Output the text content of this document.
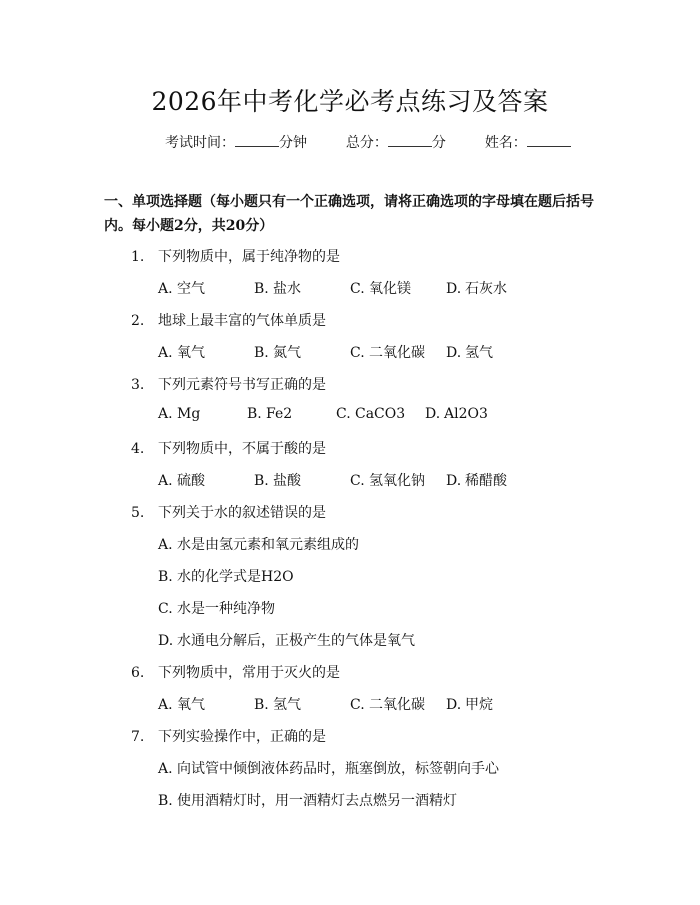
2026年中考化学必考点练习及答案
考试时间：	分钟	总分：	分	姓名：
一、单项选择题（每小题只有一个正确选项，请将正确选项的字母填在题后括号内。每小题2分，共20分）
1. 下列物质中，属于纯净物的是
A. 空气	B. 盐水	C. 氧化镁	D. 石灰水
2. 地球上最丰富的气体单质是
A. 氧气	B. 氮气	C. 二氧化碳 D. 氢气
3. 下列元素符号书写正确的是
A. Mg	B. Fe2	C. CaCO3 D. Al2O3
4. 下列物质中，不属于酸的是
A. 硫酸	B. 盐酸	C. 氢氧化钠 D. 稀醋酸
5. 下列关于水的叙述错误的是
A. 水是由氢元素和氧元素组成的
B. 水的化学式是H2O
C. 水是一种纯净物
D. 水通电分解后，正极产生的气体是氧气
6. 下列物质中，常用于灭火的是
A. 氧气	B. 氢气	C. 二氧化碳 D. 甲烷
7. 下列实验操作中，正确的是
A. 向试管中倾倒液体药品时，瓶塞倒放，标签朝向手心
B. 使用酒精灯时，用一酒精灯去点燃另一酒精灯
